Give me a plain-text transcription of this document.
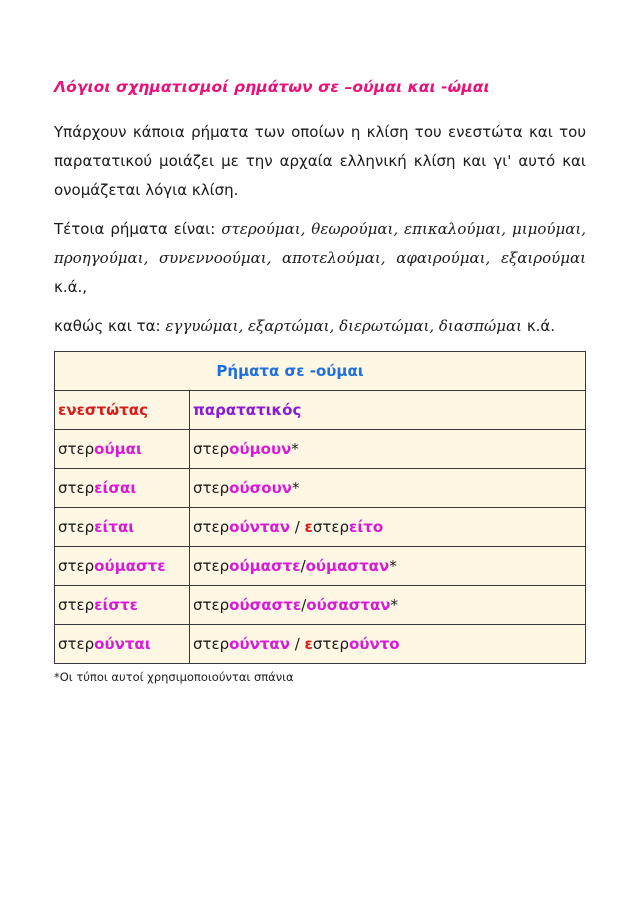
Λόγιοι σχηματισμοί ρημάτων σε –ούμαι και -ώμαι

Υπάρχουν κάποια ρήματα των οποίων η κλίση του ενεστώτα και του παρατατικού μοιάζει με την αρχαία ελληνική κλίση και γι' αυτό και ονομάζεται λόγια κλίση.

Τέτοια ρήματα είναι: στερούμαι, θεωρούμαι, επικαλούμαι, μιμούμαι, προηγούμαι, συνεννοούμαι, αποτελούμαι, αφαιρούμαι, εξαιρούμαι κ.ά.,

καθώς και τα: εγγυώμαι, εξαρτώμαι, διερωτώμαι, διασπώμαι κ.ά.

Ρήματα σε -ούμαι	
ενεστώτας	παρατατικός
στερούμαι	στερούμουν*
στερείσαι	στερούσουν*
στερείται	στερούνταν / εστερείτο
στερούμαστε	στερούμαστε/ούμασταν*
στερείστε	στερούσαστε/ούσασταν*
στερούνται	στερούνταν / εστερούντο
*Οι τύποι αυτοί χρησιμοποιούνται σπάνια
